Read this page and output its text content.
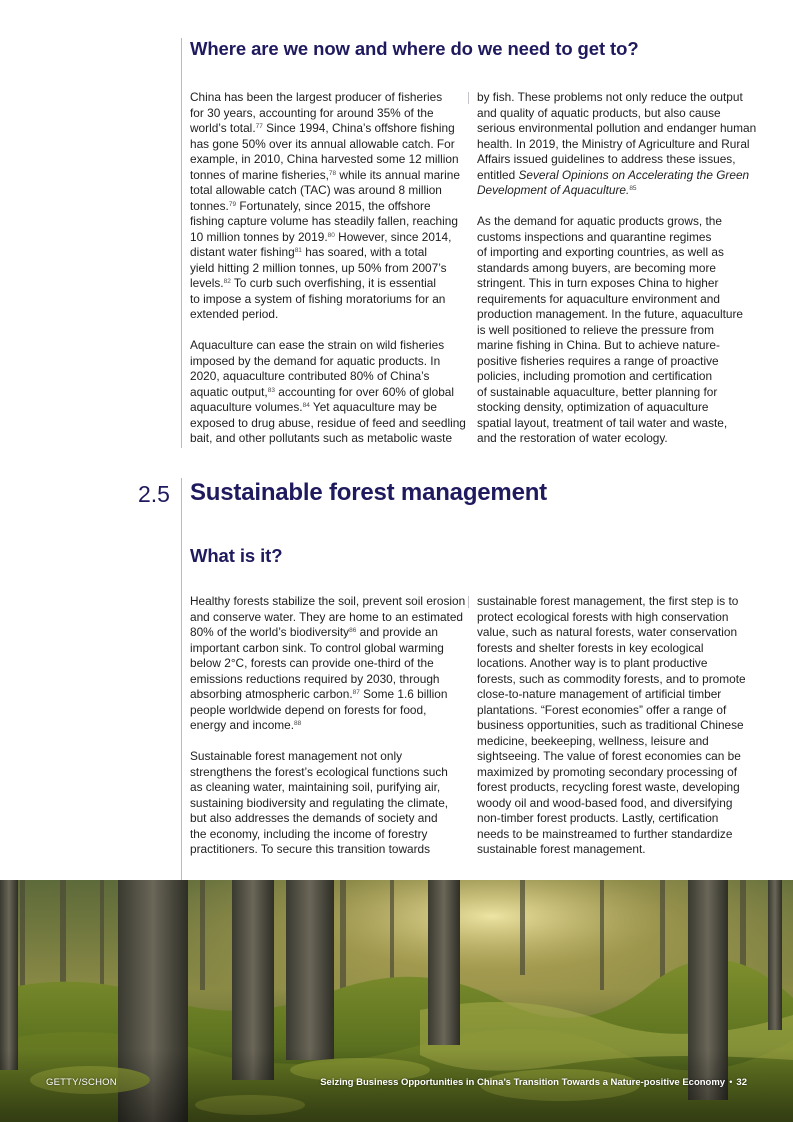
Where are we now and where do we need to get to?

China has been the largest producer of fisheries
for 30 years, accounting for around 35% of the
world’s total.$^{77}$ Since 1994, China’s offshore fishing
has gone 50% over its annual allowable catch. For
example, in 2010, China harvested some 12 million
tonnes of marine fisheries,$^{78}$ while its annual marine
total allowable catch (TAC) was around 8 million
tonnes.$^{79}$ Fortunately, since 2015, the offshore
fishing capture volume has steadily fallen, reaching
10 million tonnes by 2019.80 However, since 2014,
distant water fishing$^{81}$ has soared, with a total
yield hitting 2 million tonnes, up 50% from 2007’s
levels.$^{82}$ To curb such overfishing, it is essential
to impose a system of fishing moratoriums for an
extended period.

Aquaculture can ease the strain on wild fisheries
imposed by the demand for aquatic products. In
2020, aquaculture contributed 80% of China’s
aquatic output,$^{83}$ accounting for over 60% of global
aquaculture volumes.$^{84}$ Yet aquaculture may be
exposed to drug abuse, residue of feed and seedling
bait, and other pollutants such as metabolic waste

by fish. These problems not only reduce the output
and quality of aquatic products, but also cause
serious environmental pollution and endanger human
health. In 2019, the Ministry of Agriculture and Rural
Affairs issued guidelines to address these issues,
entitled Several Opinions on Accelerating the Green
Development of Aquaculture.$^{85}$

As the demand for aquatic products grows, the
customs inspections and quarantine regimes
of importing and exporting countries, as well as
standards among buyers, are becoming more
stringent. This in turn exposes China to higher
requirements for aquaculture environment and
production management. In the future, aquaculture
is well positioned to relieve the pressure from
marine fishing in China. But to achieve nature-
positive fisheries requires a range of proactive
policies, including promotion and certification
of sustainable aquaculture, better planning for
stocking density, optimization of aquaculture
spatial layout, treatment of tail water and waste,
and the restoration of water ecology.

2.5 Sustainable forest management
What is it?

Healthy forests stabilize the soil, prevent soil erosion
and conserve water. They are home to an estimated
80% of the world’s biodiversity$^{86}$ and provide an
important carbon sink. To control global warming
below 2°C, forests can provide one-third of the
emissions reductions required by 2030, through
absorbing atmospheric carbon.$^{87}$ Some 1.6 billion
people worldwide depend on forests for food,
energy and income.$^{88}$

Sustainable forest management not only
strengthens the forest’s ecological functions such
as cleaning water, maintaining soil, purifying air,
sustaining biodiversity and regulating the climate,
but also addresses the demands of society and
the economy, including the income of forestry
practitioners. To secure this transition towards

sustainable forest management, the first step is to
protect ecological forests with high conservation
value, such as natural forests, water conservation
forests and shelter forests in key ecological
locations. Another way is to plant productive
forests, such as commodity forests, and to promote
close-to-nature management of artificial timber
plantations. “Forest economies” offer a range of
business opportunities, such as traditional Chinese
medicine, beekeeping, wellness, leisure and
sightseeing. The value of forest economies can be
maximized by promoting secondary processing of
forest products, recycling forest waste, developing
woody oil and wood-based food, and diversifying
non-timber forest products. Lastly, certification
needs to be mainstreamed to further standardize
sustainable forest management.

GETTY/SCHON	Seizing Business Opportunities in China’s Transition Towards a Nature-positive Economy • 32
